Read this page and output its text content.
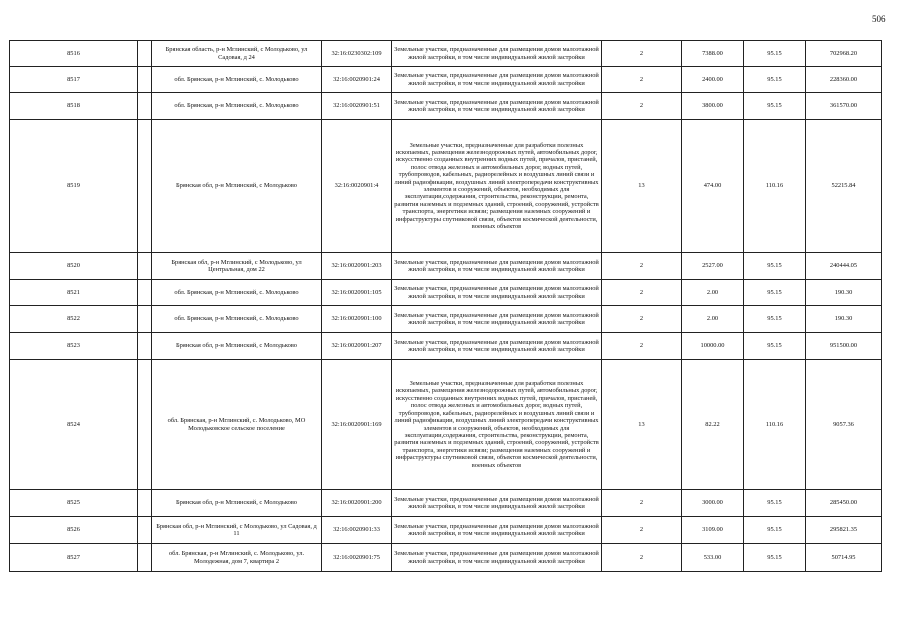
506
8516		Брянская область, р-н Мглинский, с Молодьково, ул Садовая, д 24	32:16:0230302:109	Земельные участки, предназначенные для размещения домов малоэтажной жилой застройки, в том числе индивидуальной жилой застройки	2	7388.00	95.15	702968.20
8517		обл. Брянская, р-н Мглинский, с. Молодьково	32:16:0020901:24	Земельные участки, предназначенные для размещения домов малоэтажной жилой застройки, в том числе индивидуальной жилой застройки	2	2400.00	95.15	228360.00
8518		обл. Брянская, р-н Мглинский, с. Молодьково	32:16:0020901:51	Земельные участки, предназначенные для размещения домов малоэтажной жилой застройки, в том числе индивидуальной жилой застройки	2	3800.00	95.15	361570.00
8519		Брянская обл, р-н Мглинский, с Молодьково	32:16:0020901:4	Земельные участки, предназначенные для разработки полезных ископаемых, размещения железнодорожных путей, автомобильных дорог, искусственно созданных внутренних водных путей, причалов, пристаней, полос отвода железных и автомобильных дорог, водных путей, трубопроводов, кабельных, радиорелейных и воздушных линий связи и линий радиофикации, воздушных линий электропередачи конструктивных элементов и сооружений, объектов, необходимых для эксплуатации,содержания, строительства, реконструкции, ремонта, развития наземных и подземных зданий, строений, сооружений, устройств транспорта, энергетики исвязи; размещения наземных сооружений и инфраструктуры спутниковой связи, объектов космической деятельности, военных объектов	13	474.00	110.16	52215.84
8520		Брянская обл, р-н Мглинский, с Молодьково, ул Центральная, дом 22	32:16:0020901:203	Земельные участки, предназначенные для размещения домов малоэтажной жилой застройки, в том числе индивидуальной жилой застройки	2	2527.00	95.15	240444.05
8521		обл. Брянская, р-н Мглинский, с. Молодьково	32:16:0020901:105	Земельные участки, предназначенные для размещения домов малоэтажной жилой застройки, в том числе индивидуальной жилой застройки	2	2.00	95.15	190.30
8522		обл. Брянская, р-н Мглинский, с. Молодьково	32:16:0020901:100	Земельные участки, предназначенные для размещения домов малоэтажной жилой застройки, в том числе индивидуальной жилой застройки	2	2.00	95.15	190.30
8523		Брянская обл, р-н Мглинский, с Молодьково	32:16:0020901:207	Земельные участки, предназначенные для размещения домов малоэтажной жилой застройки, в том числе индивидуальной жилой застройки	2	10000.00	95.15	951500.00
8524		обл. Брянская, р-н Мглинский, с. Молодьково, МО Молодьковское сельское поселение	32:16:0020901:169	Земельные участки, предназначенные для разработки полезных ископаемых, размещения железнодорожных путей, автомобильных дорог, искусственно созданных внутренних водных путей, причалов, пристаней, полос отвода железных и автомобильных дорог, водных путей, трубопроводов, кабельных, радиорелейных и воздушных линий связи и линий радиофикации, воздушных линий электропередачи конструктивных элементов и сооружений, объектов, необходимых для эксплуатации,содержания, строительства, реконструкции, ремонта, развития наземных и подземных зданий, строений, сооружений, устройств транспорта, энергетики исвязи; размещения наземных сооружений и инфраструктуры спутниковой связи, объектов космической деятельности, военных объектов	13	82.22	110.16	9057.36
8525		Брянская обл, р-н Мглинский, с Молодьково	32:16:0020901:200	Земельные участки, предназначенные для размещения домов малоэтажной жилой застройки, в том числе индивидуальной жилой застройки	2	3000.00	95.15	285450.00
8526		Брянская обл, р-н Мглинский, с Молодьково, ул Садовая, д 11	32:16:0020901:33	Земельные участки, предназначенные для размещения домов малоэтажной жилой застройки, в том числе индивидуальной жилой застройки	2	3109.00	95.15	295821.35
8527		обл. Брянская, р-н Мглинский, с. Молодьково, ул. Молодежная, дом 7, квартира 2	32:16:0020901:75	Земельные участки, предназначенные для размещения домов малоэтажной жилой застройки, в том числе индивидуальной жилой застройки	2	533.00	95.15	50714.95
